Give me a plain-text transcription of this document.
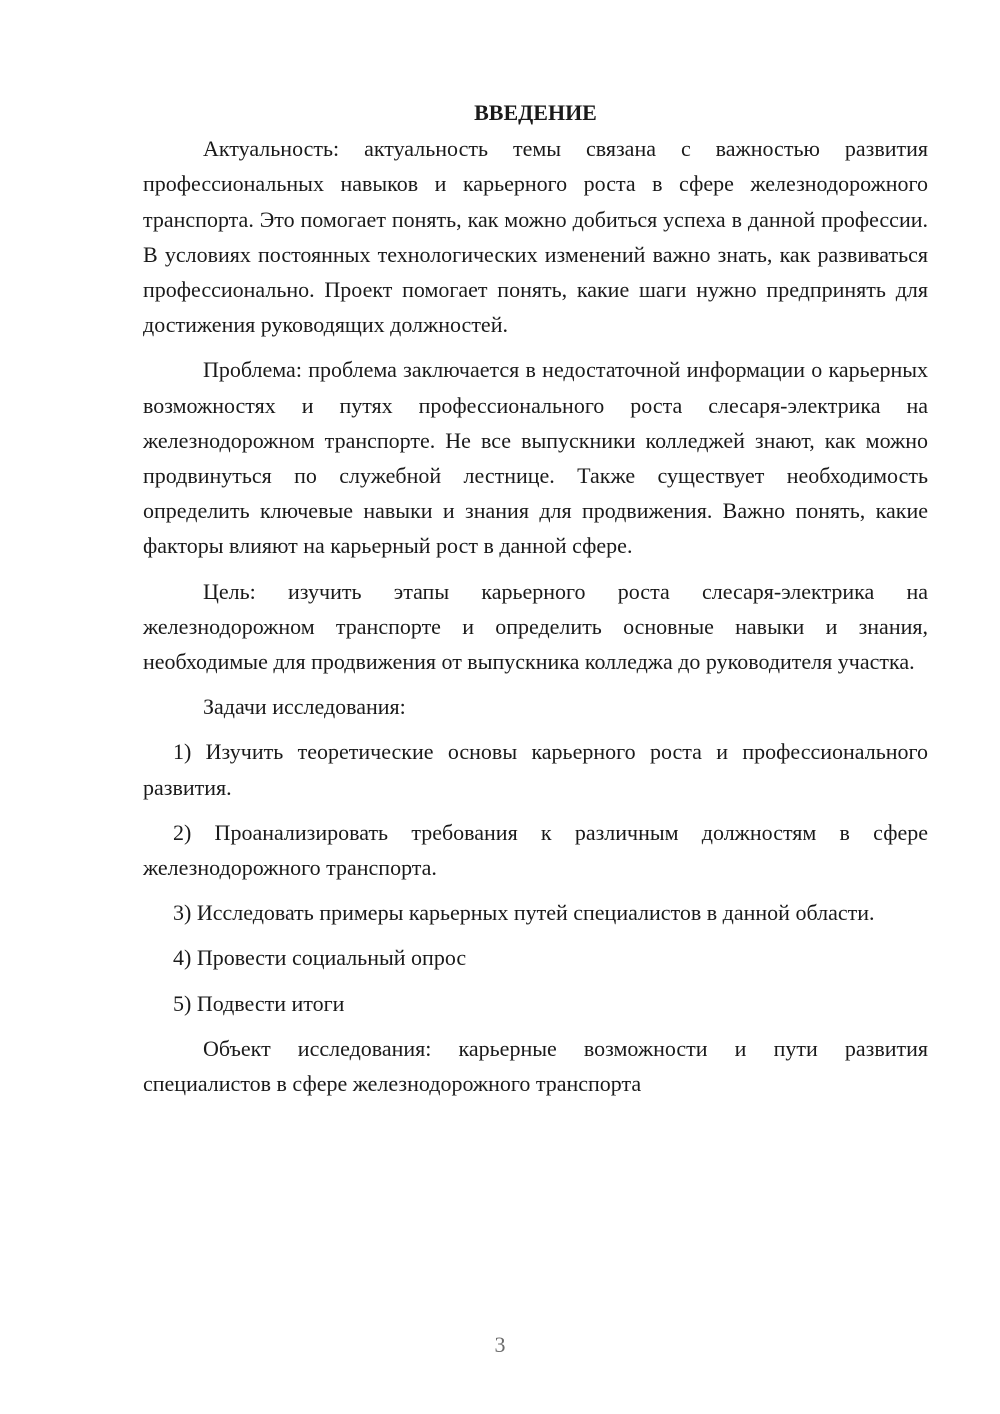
ВВЕДЕНИЕ

Актуальность: актуальность темы связана с важностью развития профессиональных навыков и карьерного роста в сфере железнодорожного транспорта. Это помогает понять, как можно добиться успеха в данной профессии. В условиях постоянных технологических изменений важно знать, как развиваться профессионально. Проект помогает понять, какие шаги нужно предпринять для достижения руководящих должностей.

Проблема: проблема заключается в недостаточной информации о карьерных возможностях и путях профессионального роста слесаря-электрика на железнодорожном транспорте. Не все выпускники колледжей знают, как можно продвинуться по служебной лестнице. Также существует необходимость определить ключевые навыки и знания для продвижения. Важно понять, какие факторы влияют на карьерный рост в данной сфере.

Цель: изучить этапы карьерного роста слесаря-электрика на железнодорожном транспорте и определить основные навыки и знания, необходимые для продвижения от выпускника колледжа до руководителя участка.

Задачи исследования:

1) Изучить теоретические основы карьерного роста и профессионального развития.

2) Проанализировать требования к различным должностям в сфере железнодорожного транспорта.

3) Исследовать примеры карьерных путей специалистов в данной области.

4) Провести социальный опрос

5) Подвести итоги

Объект исследования: карьерные возможности и пути развития специалистов в сфере железнодорожного транспорта

3
